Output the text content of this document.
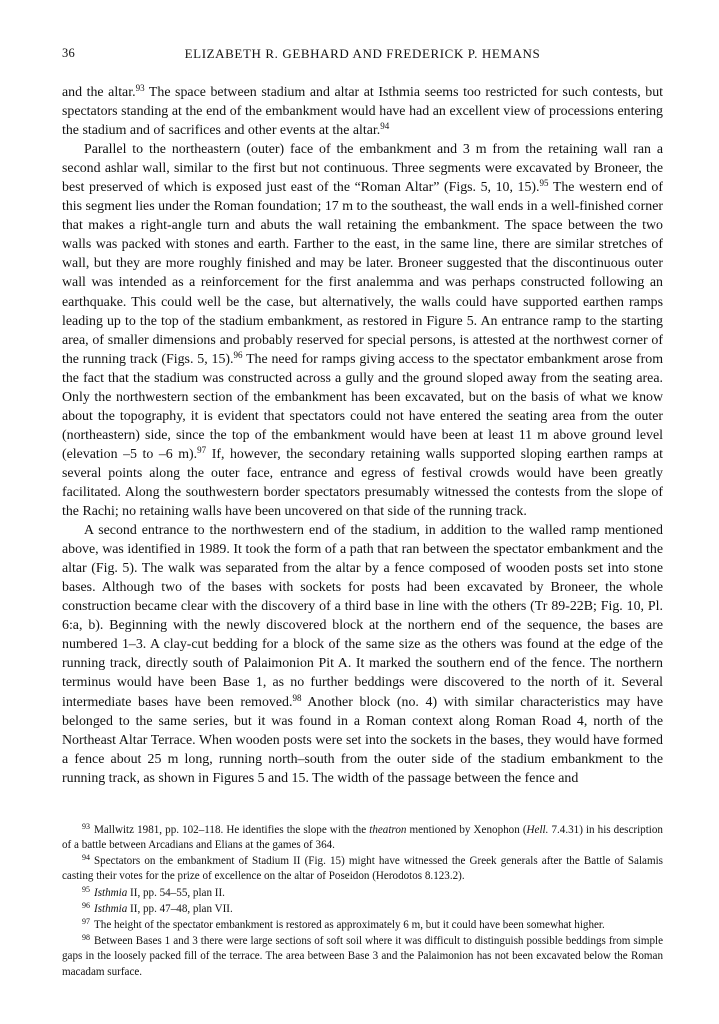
36	ELIZABETH R. GEBHARD AND FREDERICK P. HEMANS

and the altar.$^{93}$ The space between stadium and altar at Isthmia seems too restricted for such contests, but spectators standing at the end of the embankment would have had an excellent view of processions entering the stadium and of sacrifices and other events at the altar.$^{94}$

Parallel to the northeastern (outer) face of the embankment and 3 m from the retaining wall ran a second ashlar wall, similar to the first but not continuous. Three segments were excavated by Broneer, the best preserved of which is exposed just east of the “Roman Altar” (Figs. 5, 10, 15).$^{95}$ The western end of this segment lies under the Roman foundation; 17 m to the southeast, the wall ends in a well-finished corner that makes a right-angle turn and abuts the wall retaining the embankment. The space between the two walls was packed with stones and earth. Farther to the east, in the same line, there are similar stretches of wall, but they are more roughly finished and may be later. Broneer suggested that the discontinuous outer wall was intended as a reinforcement for the first analemma and was perhaps constructed following an earthquake. This could well be the case, but alternatively, the walls could have supported earthen ramps leading up to the top of the stadium embankment, as restored in Figure 5. An entrance ramp to the starting area, of smaller dimensions and probably reserved for special persons, is attested at the northwest corner of the running track (Figs. 5, 15).$^{96}$ The need for ramps giving access to the spectator embankment arose from the fact that the stadium was constructed across a gully and the ground sloped away from the seating area. Only the northwestern section of the embankment has been excavated, but on the basis of what we know about the topography, it is evident that spectators could not have entered the seating area from the outer (northeastern) side, since the top of the embankment would have been at least 11 m above ground level (elevation –5 to –6 m).$^{97}$ If, however, the secondary retaining walls supported sloping earthen ramps at several points along the outer face, entrance and egress of festival crowds would have been greatly facilitated. Along the southwestern border spectators presumably witnessed the contests from the slope of the Rachi; no retaining walls have been uncovered on that side of the running track.

A second entrance to the northwestern end of the stadium, in addition to the walled ramp mentioned above, was identified in 1989. It took the form of a path that ran between the spectator embankment and the altar (Fig. 5). The walk was separated from the altar by a fence composed of wooden posts set into stone bases. Although two of the bases with sockets for posts had been excavated by Broneer, the whole construction became clear with the discovery of a third base in line with the others (Tr 89-22B; Fig. 10, Pl. 6:a, b). Beginning with the newly discovered block at the northern end of the sequence, the bases are numbered 1–3. A clay-cut bedding for a block of the same size as the others was found at the edge of the running track, directly south of Palaimonion Pit A. It marked the southern end of the fence. The northern terminus would have been Base 1, as no further beddings were discovered to the north of it. Several intermediate bases have been removed.$^{98}$ Another block (no. 4) with similar characteristics may have belonged to the same series, but it was found in a Roman context along Roman Road 4, north of the Northeast Altar Terrace. When wooden posts were set into the sockets in the bases, they would have formed a fence about 25 m long, running north–south from the outer side of the stadium embankment to the running track, as shown in Figures 5 and 15. The width of the passage between the fence and

$^{93}$ Mallwitz 1981, pp. 102–118. He identifies the slope with the theatron mentioned by Xenophon (Hell. 7.4.31) in his description of a battle between Arcadians and Elians at the games of 364.

$^{94}$ Spectators on the embankment of Stadium II (Fig. 15) might have witnessed the Greek generals after the Battle of Salamis casting their votes for the prize of excellence on the altar of Poseidon (Herodotos 8.123.2).

$^{95}$ Isthmia II, pp. 54–55, plan II.

$^{96}$ Isthmia II, pp. 47–48, plan VII.

$^{97}$ The height of the spectator embankment is restored as approximately 6 m, but it could have been somewhat higher.

$^{98}$ Between Bases 1 and 3 there were large sections of soft soil where it was difficult to distinguish possible beddings from simple gaps in the loosely packed fill of the terrace. The area between Base 3 and the Palaimonion has not been excavated below the Roman macadam surface.
